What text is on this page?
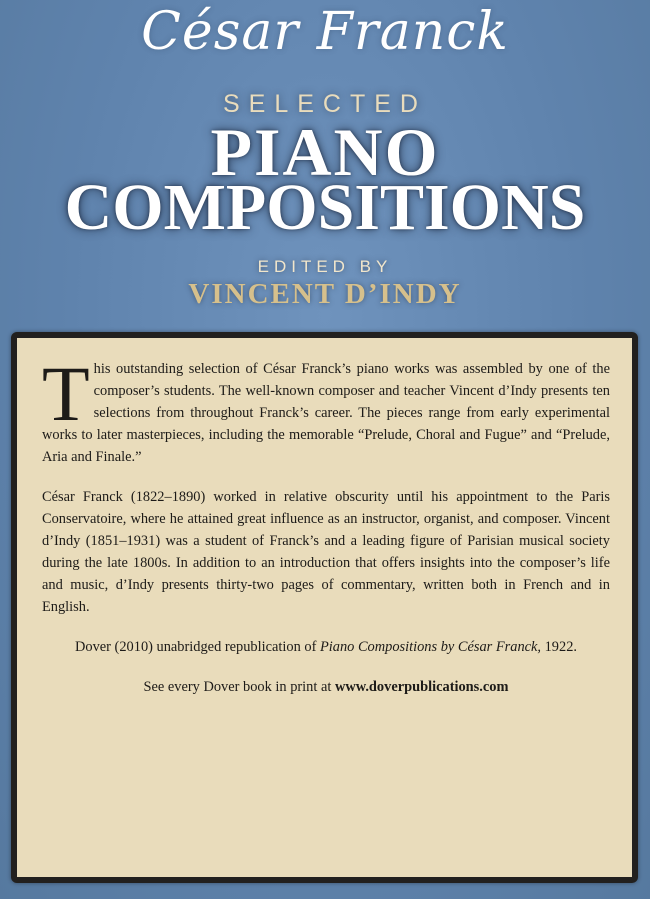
César Franck
SELECTED
PIANO
COMPOSITIONS
EDITED BY
VINCENT D’INDY

This outstanding selection of César Franck’s piano works was assembled by one of the composer’s students. The well-known composer and teacher Vincent d’Indy presents ten selections from throughout Franck’s career. The pieces range from early experimental works to later masterpieces, including the memorable “Prelude, Choral and Fugue” and “Prelude, Aria and Finale.”

César Franck (1822–1890) worked in relative obscurity until his appointment to the Paris Conservatoire, where he attained great influence as an instructor, organist, and composer. Vincent d’Indy (1851–1931) was a student of Franck’s and a leading figure of Parisian musical society during the late 1800s. In addition to an introduction that offers insights into the composer’s life and music, d’Indy presents thirty-two pages of commentary, written both in French and in English.

Dover (2010) unabridged republication of Piano Compositions by César Franck, 1922.

See every Dover book in print at www.doverpublications.com
